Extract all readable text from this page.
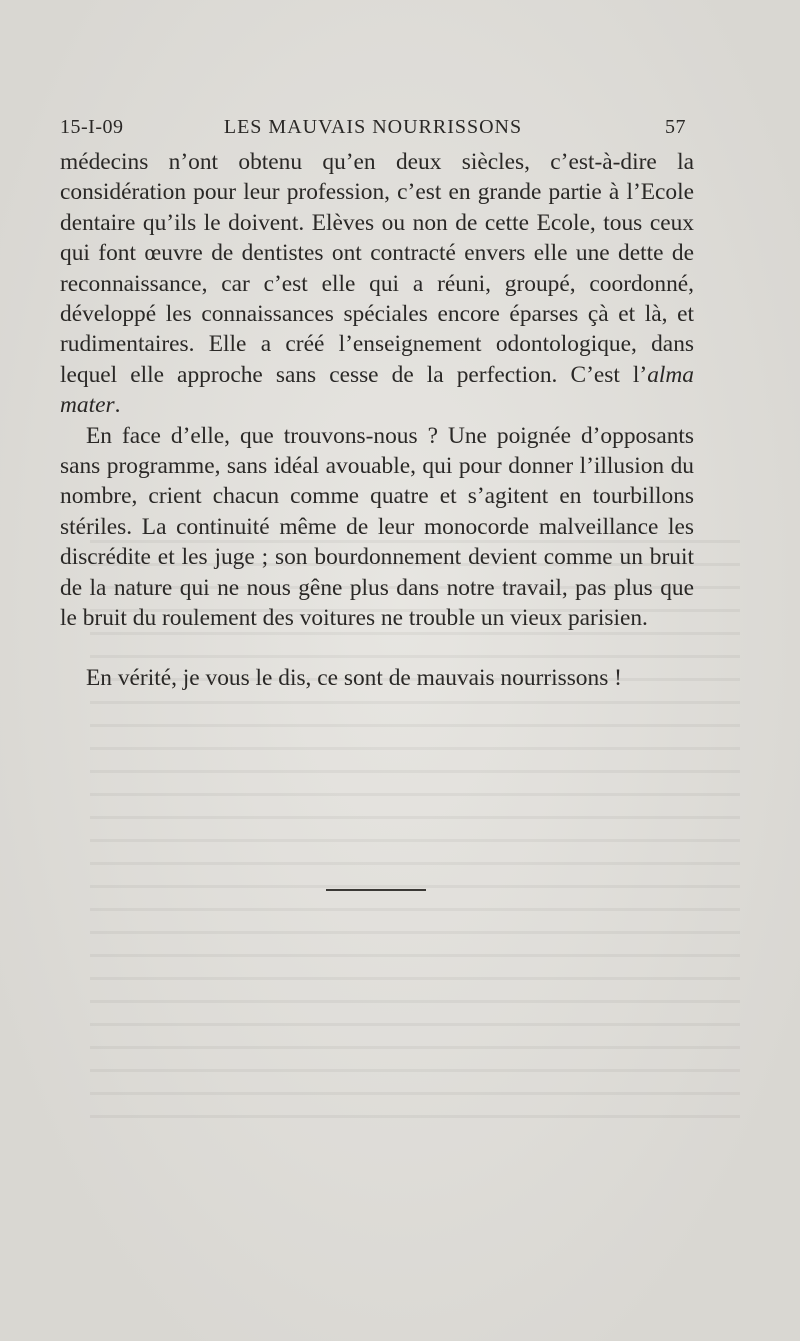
15-I-09	LES MAUVAIS NOURRISSONS	57

médecins n’ont obtenu qu’en deux siècles, c’est-à-dire la considération pour leur profession, c’est en grande partie à l’Ecole dentaire qu’ils le doivent. Elèves ou non de cette Ecole, tous ceux qui font œuvre de dentistes ont contracté envers elle une dette de reconnaissance, car c’est elle qui a réuni, groupé, coordonné, développé les connaissances spéciales encore éparses çà et là, et rudimentaires. Elle a créé l’enseignement odontologique, dans lequel elle approche sans cesse de la perfection. C’est l’alma mater.

En face d’elle, que trouvons-nous ? Une poignée d’opposants sans programme, sans idéal avouable, qui pour donner l’illusion du nombre, crient chacun comme quatre et s’agitent en tourbillons stériles. La continuité même de leur monocorde malveillance les discrédite et les juge ; son bourdonnement devient comme un bruit de la nature qui ne nous gêne plus dans notre travail, pas plus que le bruit du roulement des voitures ne trouble un vieux parisien.

En vérité, je vous le dis, ce sont de mauvais nourrissons !
